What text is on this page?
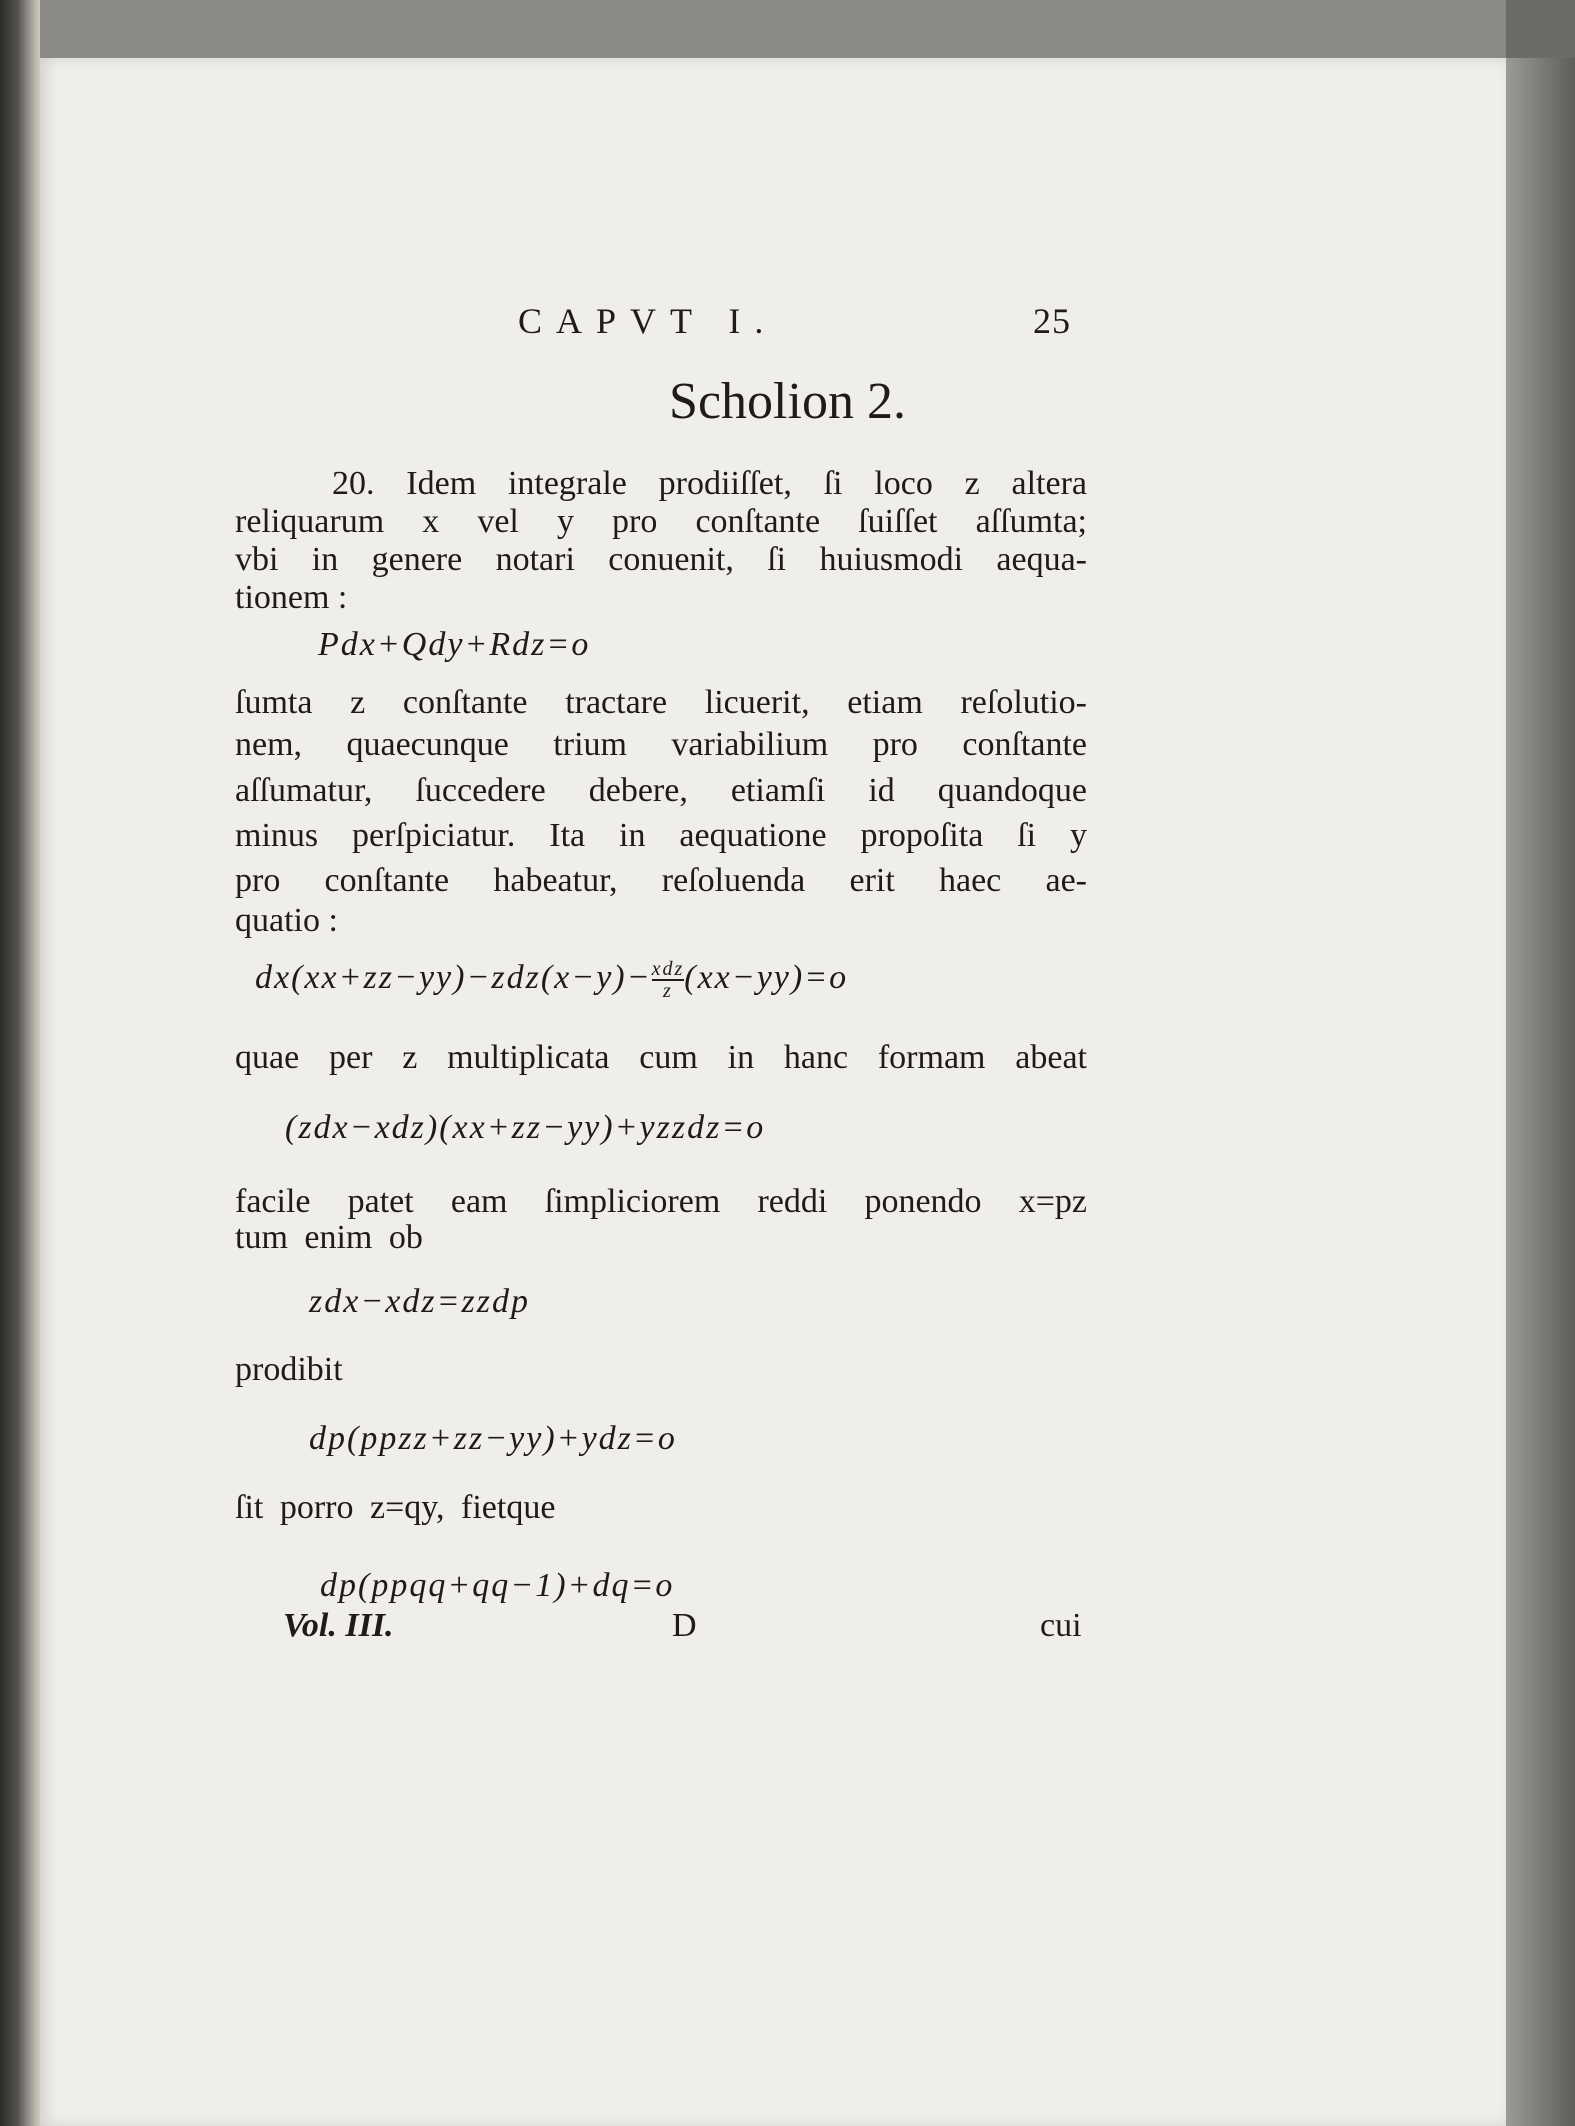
CAPVT I.	25
Scholion 2.
20. Idem integrale prodiiſſet, ſi loco z altera
reliquarum x vel y pro conſtante ſuiſſet aſſumta;
vbi in genere notari conuenit, ſi huiusmodi aequa-
tionem :
Pdx+Qdy+Rdz=o
ſumta z conſtante tractare licuerit, etiam reſolutio-
nem, quaecunque trium variabilium pro conſtante
aſſumatur, ſuccedere debere, etiamſi id quandoque
minus perſpiciatur. Ita in aequatione propoſita ſi y
pro conſtante habeatur, reſoluenda erit haec ae-
quatio :
dx(xx+zz−yy)−zdz(x−y)− xdz
z (xx−yy)=o
quae per z multiplicata cum in hanc formam abeat
(zdx−xdz)(xx+zz−yy)+yzzdz=o
facile patet eam ſimpliciorem reddi ponendo x=pz
tum enim ob
zdx−xdz=zzdp
prodibit
dp(ppzz+zz−yy)+ydz=o
ſit porro z=qy, fietque
dp(ppqq+qq−1)+dq=o
Vol. III.	D	cui
